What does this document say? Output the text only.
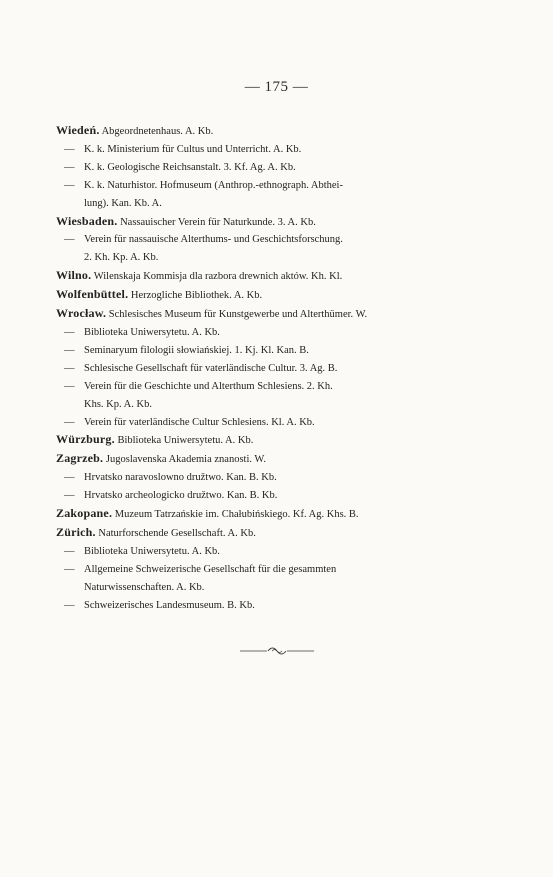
— 175 —
Wiedeń. Abgeordnetenhaus. A. Kb.
— K. k. Ministerium für Cultus und Unterricht. A. Kb.
— K. k. Geologische Reichsanstalt. 3. Kf. Ag. A. Kb.
— K. k. Naturhistor. Hofmuseum (Anthrop.-ethnograph. Abthei-
lung). Kan. Kb. A.
Wiesbaden. Nassauischer Verein für Naturkunde. 3. A. Kb.
— Verein für nassauische Alterthums- und Geschichtsforschung.
2. Kh. Kp. A. Kb.
Wilno. Wilenskaja Kommisja dla razbora drewnich aktów. Kh. Kl.
Wolfenbüttel. Herzogliche Bibliothek. A. Kb.
Wrocław. Schlesisches Museum für Kunstgewerbe und Alterthümer. W.
— Biblioteka Uniwersytetu. A. Kb.
— Seminaryum filologii słowiańskiej. 1. Kj. Kl. Kan. B.
— Schlesische Gesellschaft für vaterländische Cultur. 3. Ag. B.
— Verein für die Geschichte und Alterthum Schlesiens. 2. Kh.
Khs. Kp. A. Kb.
— Verein für vaterländische Cultur Schlesiens. Kl. A. Kb.
Würzburg. Biblioteka Uniwersytetu. A. Kb.
Zagrzeb. Jugoslavenska Akademia znanosti. W.
— Hrvatsko naravoslowno družtwo. Kan. B. Kb.
— Hrvatsko archeologicko družtwo. Kan. B. Kb.
Zakopane. Muzeum Tatrzańskie im. Chałubińskiego. Kf. Ag. Khs. B.
Zürich. Naturforschende Gesellschaft. A. Kb.
— Biblioteka Uniwersytetu. A. Kb.
— Allgemeine Schweizerische Gesellschaft für die gesammten
Naturwissenschaften. A. Kb.
— Schweizerisches Landesmuseum. B. Kb.
